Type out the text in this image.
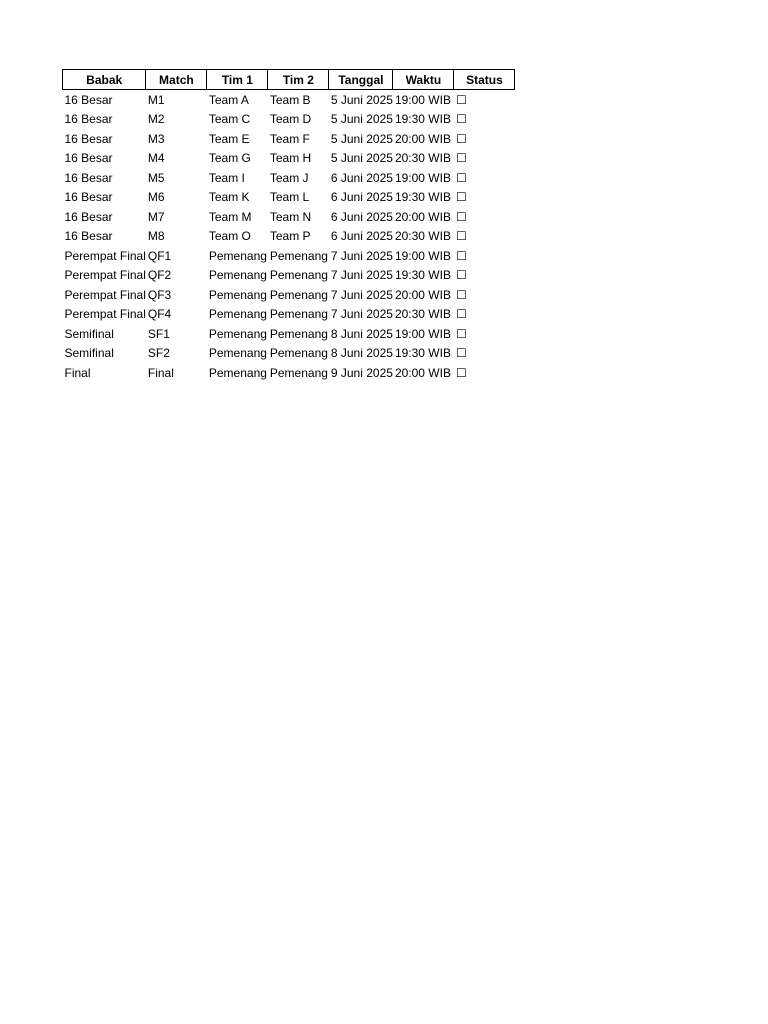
Babak	Match	Tim 1	Tim 2	Tanggal	Waktu	Status
16 Besar	M1	Team A	Team B	5 Juni 2025	19:00 WIB	☐
16 Besar	M2	Team C	Team D	5 Juni 2025	19:30 WIB	☐
16 Besar	M3	Team E	Team F	5 Juni 2025	20:00 WIB	☐
16 Besar	M4	Team G	Team H	5 Juni 2025	20:30 WIB	☐
16 Besar	M5	Team I	Team J	6 Juni 2025	19:00 WIB	☐
16 Besar	M6	Team K	Team L	6 Juni 2025	19:30 WIB	☐
16 Besar	M7	Team M	Team N	6 Juni 2025	20:00 WIB	☐
16 Besar	M8	Team O	Team P	6 Juni 2025	20:30 WIB	☐
Perempat Final	QF1	Pemenang	Pemenang	7 Juni 2025	19:00 WIB	☐
Perempat Final	QF2	Pemenang	Pemenang	7 Juni 2025	19:30 WIB	☐
Perempat Final	QF3	Pemenang	Pemenang	7 Juni 2025	20:00 WIB	☐
Perempat Final	QF4	Pemenang	Pemenang	7 Juni 2025	20:30 WIB	☐
Semifinal	SF1	Pemenang	Pemenang	8 Juni 2025	19:00 WIB	☐
Semifinal	SF2	Pemenang	Pemenang	8 Juni 2025	19:30 WIB	☐
Final	Final	Pemenang	Pemenang	9 Juni 2025	20:00 WIB	☐
